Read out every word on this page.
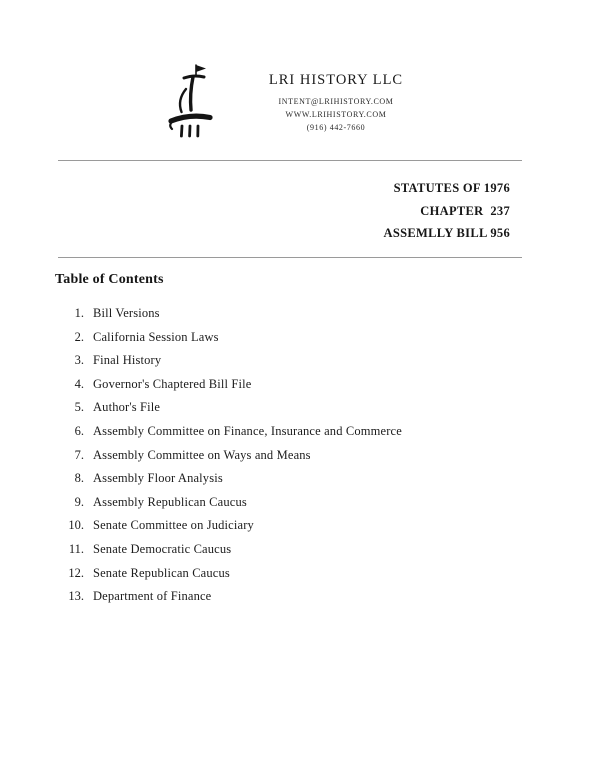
LRI HISTORY LLC
INTENT@LRIHISTORY.COM
WWW.LRIHISTORY.COM
(916) 442-7660
STATUTES OF 1976
CHAPTER  237
ASSEMLLY BILL 956
Table of Contents
1. Bill Versions
2. California Session Laws
3. Final History
4. Governor's Chaptered Bill File
5. Author's File
6. Assembly Committee on Finance, Insurance and Commerce
7. Assembly Committee on Ways and Means
8. Assembly Floor Analysis
9. Assembly Republican Caucus
10. Senate Committee on Judiciary
11. Senate Democratic Caucus
12. Senate Republican Caucus
13. Department of Finance
